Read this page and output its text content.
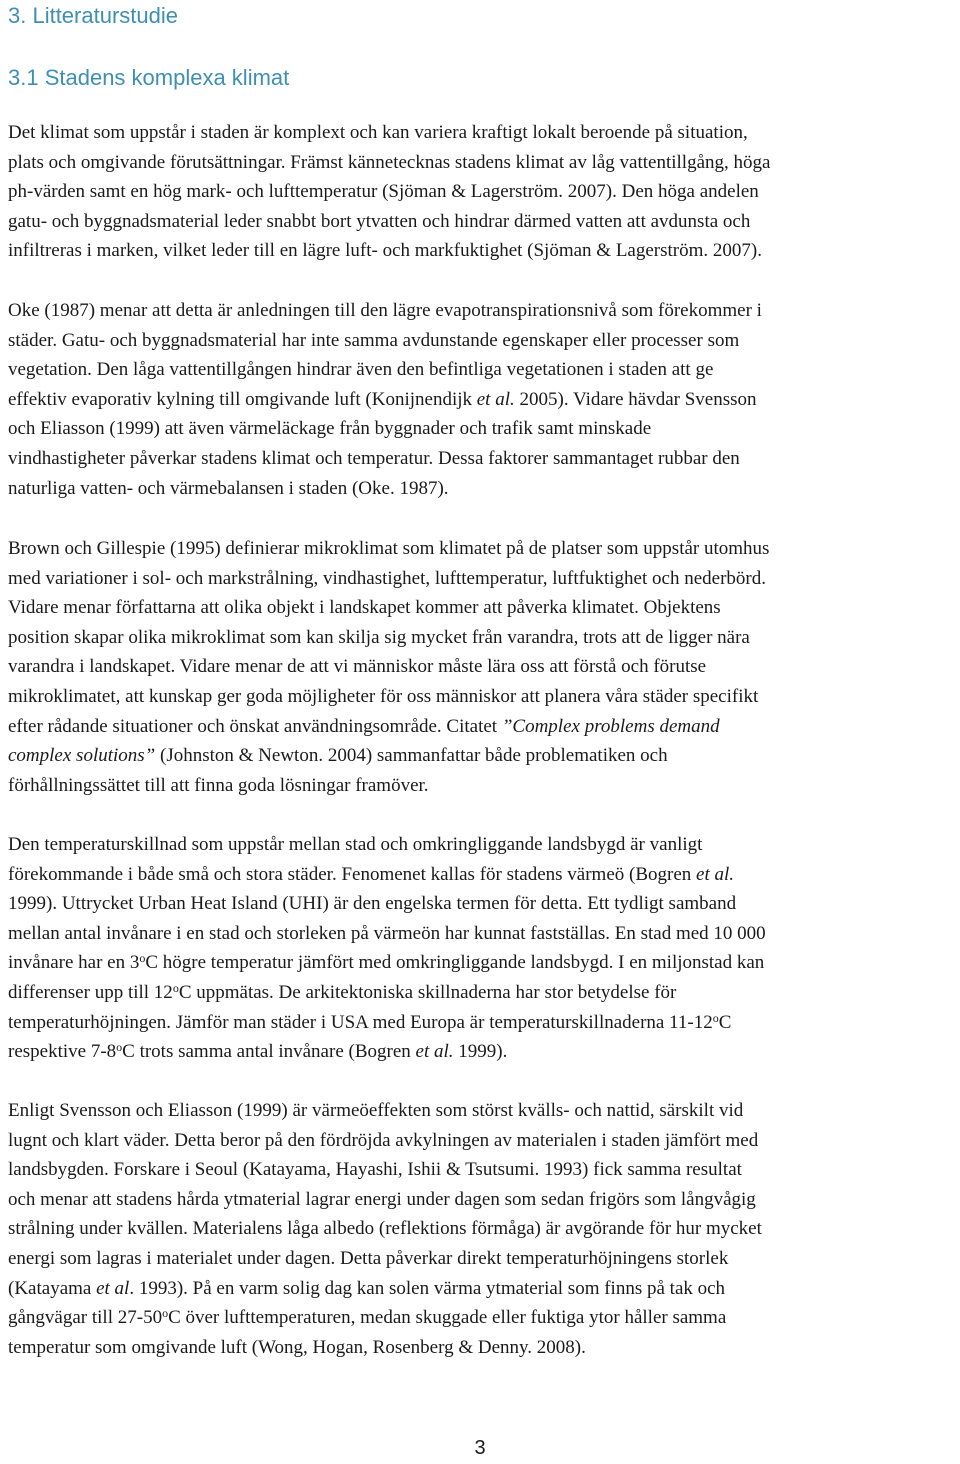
3. Litteraturstudie
3.1 Stadens komplexa klimat

Det klimat som uppstår i staden är komplext och kan variera kraftigt lokalt beroende på situation,
plats och omgivande förutsättningar. Främst kännetecknas stadens klimat av låg vattentillgång, höga
ph-värden samt en hög mark- och lufttemperatur (Sjöman & Lagerström. 2007). Den höga andelen
gatu- och byggnadsmaterial leder snabbt bort ytvatten och hindrar därmed vatten att avdunsta och
infiltreras i marken, vilket leder till en lägre luft- och markfuktighet (Sjöman & Lagerström. 2007).

Oke (1987) menar att detta är anledningen till den lägre evapotranspirationsnivå som förekommer i
städer. Gatu- och byggnadsmaterial har inte samma avdunstande egenskaper eller processer som
vegetation. Den låga vattentillgången hindrar även den befintliga vegetationen i staden att ge
effektiv evaporativ kylning till omgivande luft (Konijnendijk et al. 2005). Vidare hävdar Svensson
och Eliasson (1999) att även värmeläckage från byggnader och trafik samt minskade
vindhastigheter påverkar stadens klimat och temperatur. Dessa faktorer sammantaget rubbar den
naturliga vatten- och värmebalansen i staden (Oke. 1987).

Brown och Gillespie (1995) definierar mikroklimat som klimatet på de platser som uppstår utomhus
med variationer i sol- och markstrålning, vindhastighet, lufttemperatur, luftfuktighet och nederbörd.
Vidare menar författarna att olika objekt i landskapet kommer att påverka klimatet. Objektens
position skapar olika mikroklimat som kan skilja sig mycket från varandra, trots att de ligger nära
varandra i landskapet. Vidare menar de att vi människor måste lära oss att förstå och förutse
mikroklimatet, att kunskap ger goda möjligheter för oss människor att planera våra städer specifikt
efter rådande situationer och önskat användningsområde. Citatet ”Complex problems demand
complex solutions” (Johnston & Newton. 2004) sammanfattar både problematiken och
förhållningssättet till att finna goda lösningar framöver.

Den temperaturskillnad som uppstår mellan stad och omkringliggande landsbygd är vanligt
förekommande i både små och stora städer. Fenomenet kallas för stadens värmeö (Bogren et al.
1999). Uttrycket Urban Heat Island (UHI) är den engelska termen för detta. Ett tydligt samband
mellan antal invånare i en stad och storleken på värmeön har kunnat fastställas. En stad med 10 000
invånare har en 3$^o$C högre temperatur jämfört med omkringliggande landsbygd. I en miljonstad kan
differenser upp till 12$^o$C uppmätas. De arkitektoniska skillnaderna har stor betydelse för
temperaturhöjningen. Jämför man städer i USA med Europa är temperaturskillnaderna 11-12$^o$C
respektive 7-8$^o$C trots samma antal invånare (Bogren et al. 1999).

Enligt Svensson och Eliasson (1999) är värmeöeffekten som störst kvälls- och nattid, särskilt vid
lugnt och klart väder. Detta beror på den fördröjda avkylningen av materialen i staden jämfört med
landsbygden. Forskare i Seoul (Katayama, Hayashi, Ishii & Tsutsumi. 1993) fick samma resultat
och menar att stadens hårda ytmaterial lagrar energi under dagen som sedan frigörs som långvågig
strålning under kvällen. Materialens låga albedo (reflektions förmåga) är avgörande för hur mycket
energi som lagras i materialet under dagen. Detta påverkar direkt temperaturhöjningens storlek
(Katayama et al. 1993). På en varm solig dag kan solen värma ytmaterial som finns på tak och
gångvägar till 27-50$^o$C över lufttemperaturen, medan skuggade eller fuktiga ytor håller samma
temperatur som omgivande luft (Wong, Hogan, Rosenberg & Denny. 2008).

3
